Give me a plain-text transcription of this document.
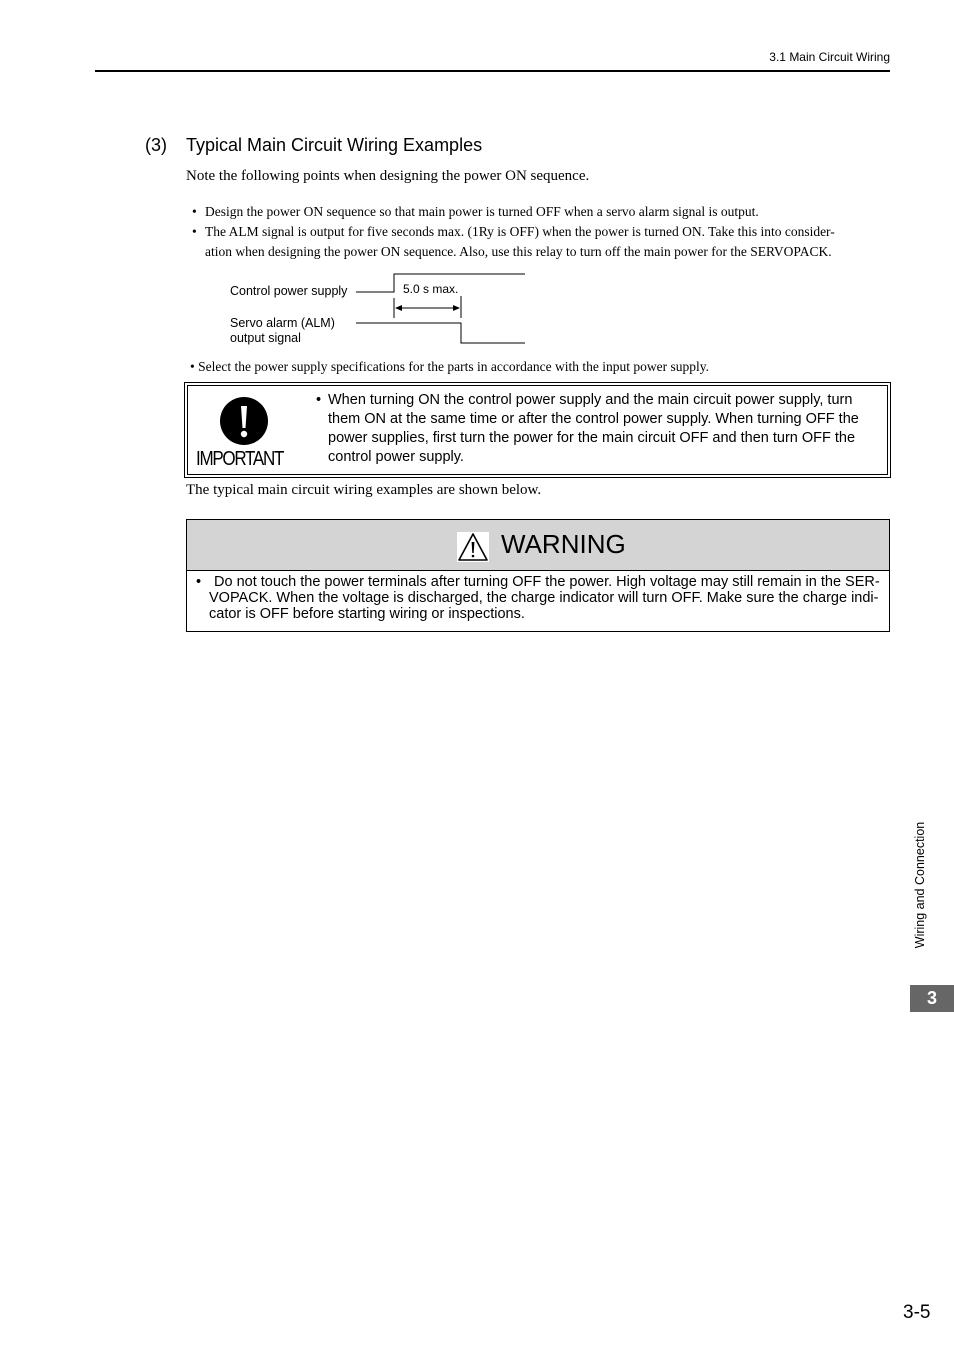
3.1 Main Circuit Wiring
(3) Typical Main Circuit Wiring Examples
Note the following points when designing the power ON sequence.
• Design the power ON sequence so that main power is turned OFF when a servo alarm signal is output.
• The ALM signal is output for five seconds max. (1Ry is OFF) when the power is turned ON. Take this into consider-
ation when designing the power ON sequence. Also, use this relay to turn off the main power for the SERVOPACK.
Control power supply
Servo alarm (ALM)
output signal
5.0 s max.
• Select the power supply specifications for the parts in accordance with the input power supply.
IMPORTANT
• When turning ON the control power supply and the main circuit power supply, turn
them ON at the same time or after the control power supply. When turning OFF the
power supplies, first turn the power for the main circuit OFF and then turn OFF the
control power supply.
The typical main circuit wiring examples are shown below.
WARNING
• Do not touch the power terminals after turning OFF the power. High voltage may still remain in the SER-
VOPACK. When the voltage is discharged, the charge indicator will turn OFF. Make sure the charge indi-
cator is OFF before starting wiring or inspections.
Wiring and Connection
3
3-5
